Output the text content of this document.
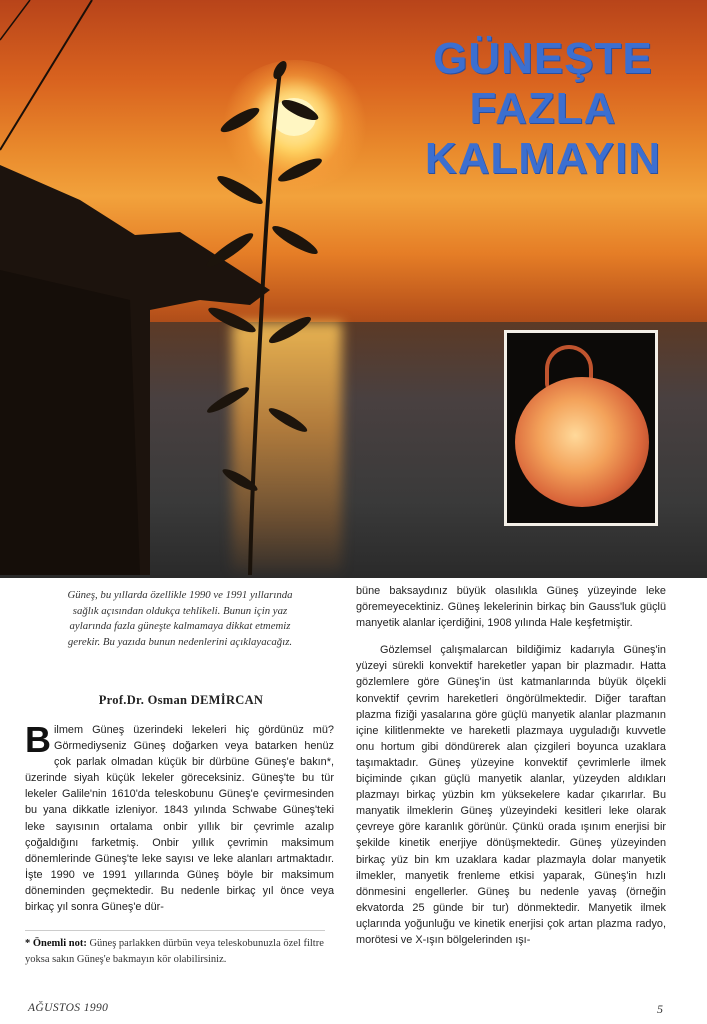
GÜNEŞTE
FAZLA
KALMAYIN
Güneş, bu yıllarda özellikle 1990 ve 1991 yıllarında sağlık açısından oldukça tehlikeli. Bunun için yaz aylarında fazla güneşte kalmamaya dikkat etmemiz gerekir. Bu yazıda bunun nedenlerini açıklayacağız.
Prof.Dr. Osman DEMİRCAN
Bilmem Güneş üzerindeki lekeleri hiç gördünüz mü? Görmediyseniz Güneş doğarken veya batarken henüz çok parlak olmadan küçük bir dürbüne Güneş'e bakın*, üzerinde siyah küçük lekeler göreceksiniz. Güneş'te bu tür lekeler Galile'nin 1610'da teleskobunu Güneş'e çevirmesinden bu yana dikkatle izleniyor. 1843 yılında Schwabe Güneş'teki leke sayısının ortalama onbir yıllık bir çevrimle azalıp çoğaldığını farketmiş. Onbir yıllık çevrimin maksimum dönemlerinde Güneş'te leke sayısı ve leke alanları artmaktadır. İşte 1990 ve 1991 yıllarında Güneş böyle bir maksimum döneminden geçmektedir. Bu nedenle birkaç yıl önce veya birkaç yıl sonra Güneş'e dür-
* Önemli not: Güneş parlakken dürbün veya teleskobunuzla özel filtre yoksa sakın Güneş'e bakmayın kör olabilirsiniz.

büne baksaydınız büyük olasılıkla Güneş yüzeyinde leke göremeyecektiniz. Güneş lekelerinin birkaç bin Gauss'luk güçlü manyetik alanlar içerdiğini, 1908 yılında Hale keşfetmiştir.

Gözlemsel çalışmalarcan bildiğimiz kadarıyla Güneş'in yüzeyi sürekli konvektif hareketler yapan bir plazmadır. Hatta gözlemlere göre Güneş'in üst katmanlarında büyük ölçekli konvektif çevrim hareketleri öngörülmektedir. Diğer taraftan plazma fiziği yasalarına göre güçlü manyetik alanlar plazmanın içine kilitlenmekte ve hareketli plazmaya uyguladığı kuvvetle onu hortum gibi döndürerek alan çizgileri boyunca uzaklara taşımaktadır. Güneş yüzeyine konvektif çevrimlerle ilmek biçiminde çıkan güçlü manyetik alanlar, yüzeyden aldıkları plazmayı birkaç yüzbin km yüksekelere kadar çıkarırlar. Bu manyatik ilmeklerin Güneş yüzeyindeki kesitleri leke olarak çevreye göre karanlık görünür. Çünkü orada ışınım enerjisi bir şekilde kinetik enerjiye dönüşmektedir. Güneş yüzeyinden birkaç yüz bin km uzaklara kadar plazmayla dolar manyetik ilmekler, manyetik frenleme etkisi yaparak, Güneş'in hızlı dönmesini engellerler. Güneş bu nedenle yavaş (örneğin ekvatorda 25 günde bir tur) dönmektedir. Manyetik ilmek uçlarında yoğunluğu ve kinetik enerjisi çok artan plazma radyo, morötesi ve X-ışın bölgelerinden ışı-

AĞUSTOS 1990	5
